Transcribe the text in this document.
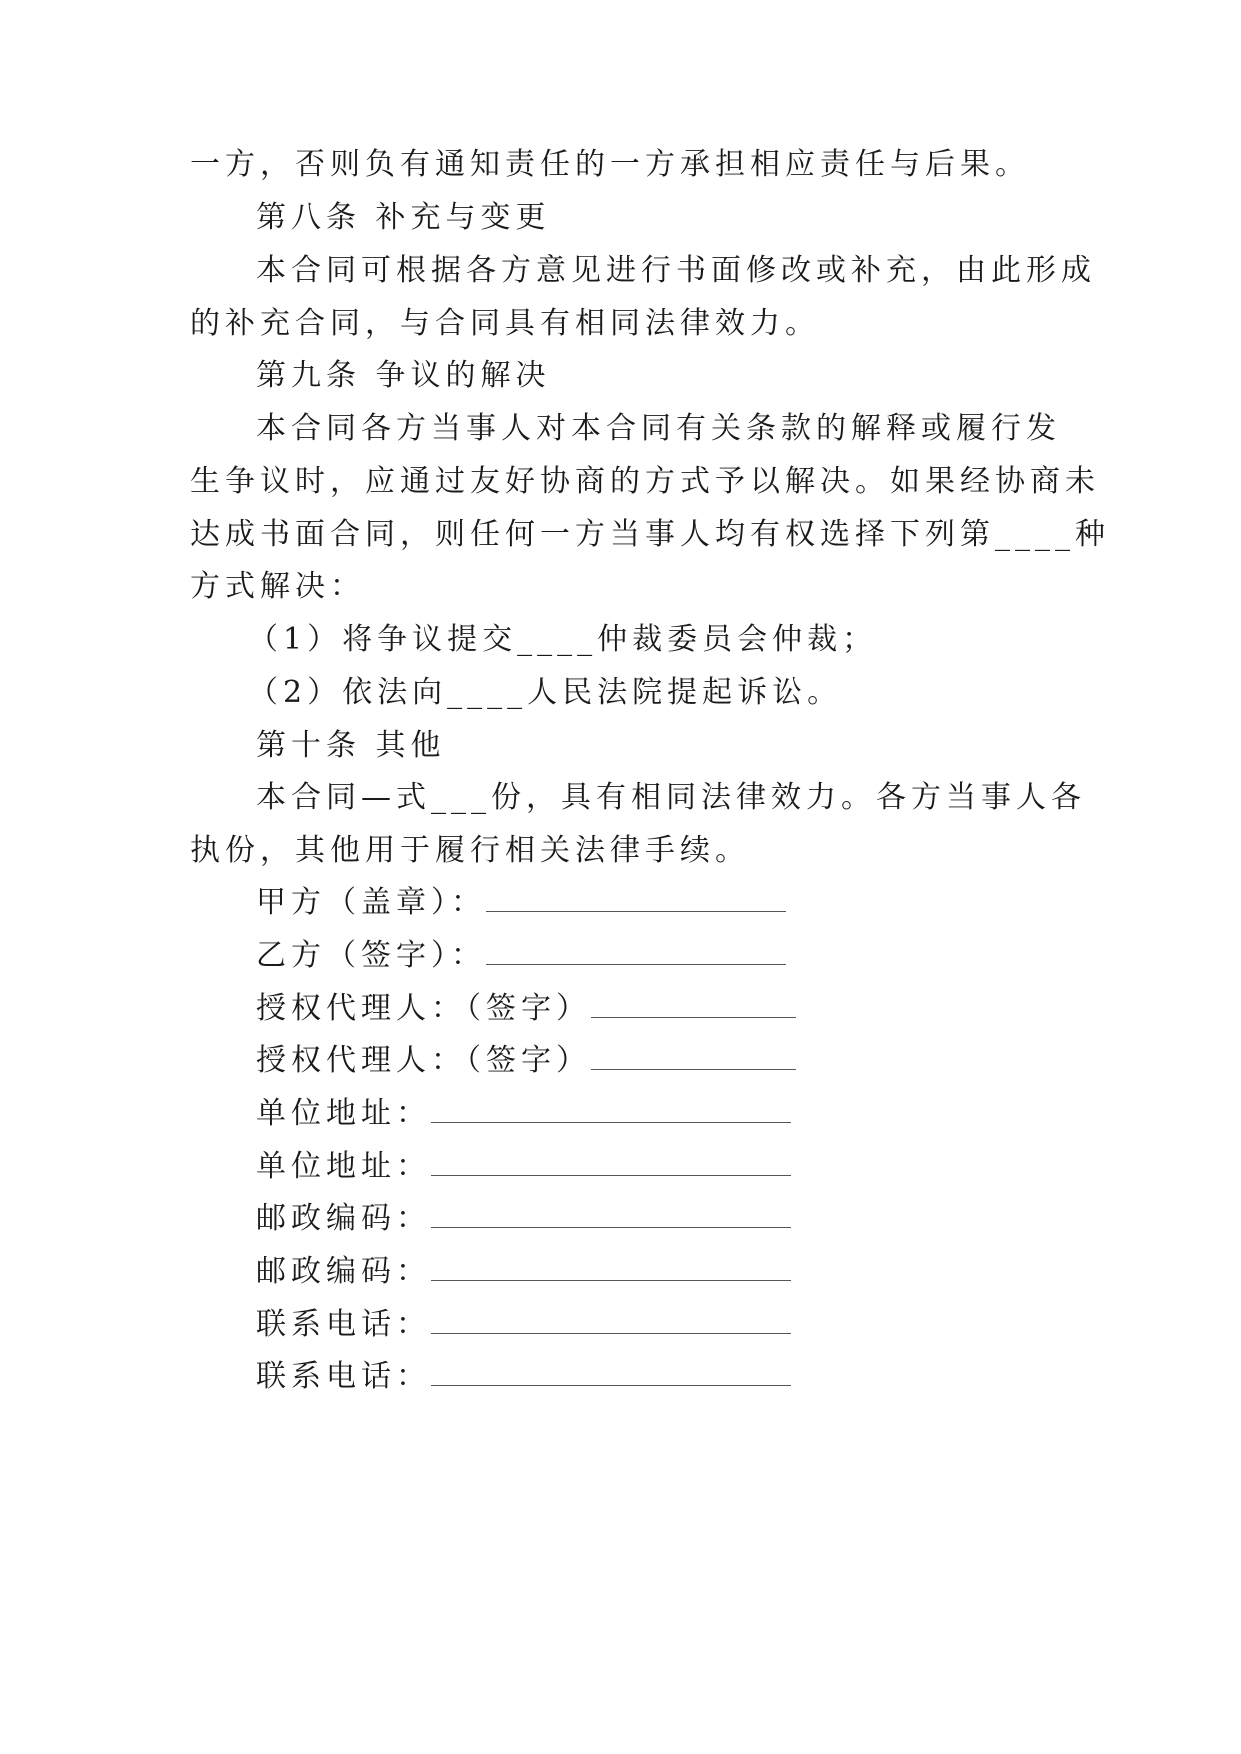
一方，否则负有通知责任的一方承担相应责任与后果。
第八条 补充与变更
本合同可根据各方意见进行书面修改或补充，由此形成
的补充合同，与合同具有相同法律效力。
第九条 争议的解决
本合同各方当事人对本合同有关条款的解释或履行发
生争议时，应通过友好协商的方式予以解决。如果经协商未
达成书面合同，则任何一方当事人均有权选择下列第____种
方式解决：
（1）将争议提交____仲裁委员会仲裁；
（2）依法向____人民法院提起诉讼。
第十条 其他
本合同—式___份，具有相同法律效力。各方当事人各
执份，其他用于履行相关法律手续。
甲方（盖章）：
乙方（签字）：
授权代理人：（签字）
授权代理人：（签字）
单位地址：
单位地址：
邮政编码：
邮政编码：
联系电话：
联系电话：
